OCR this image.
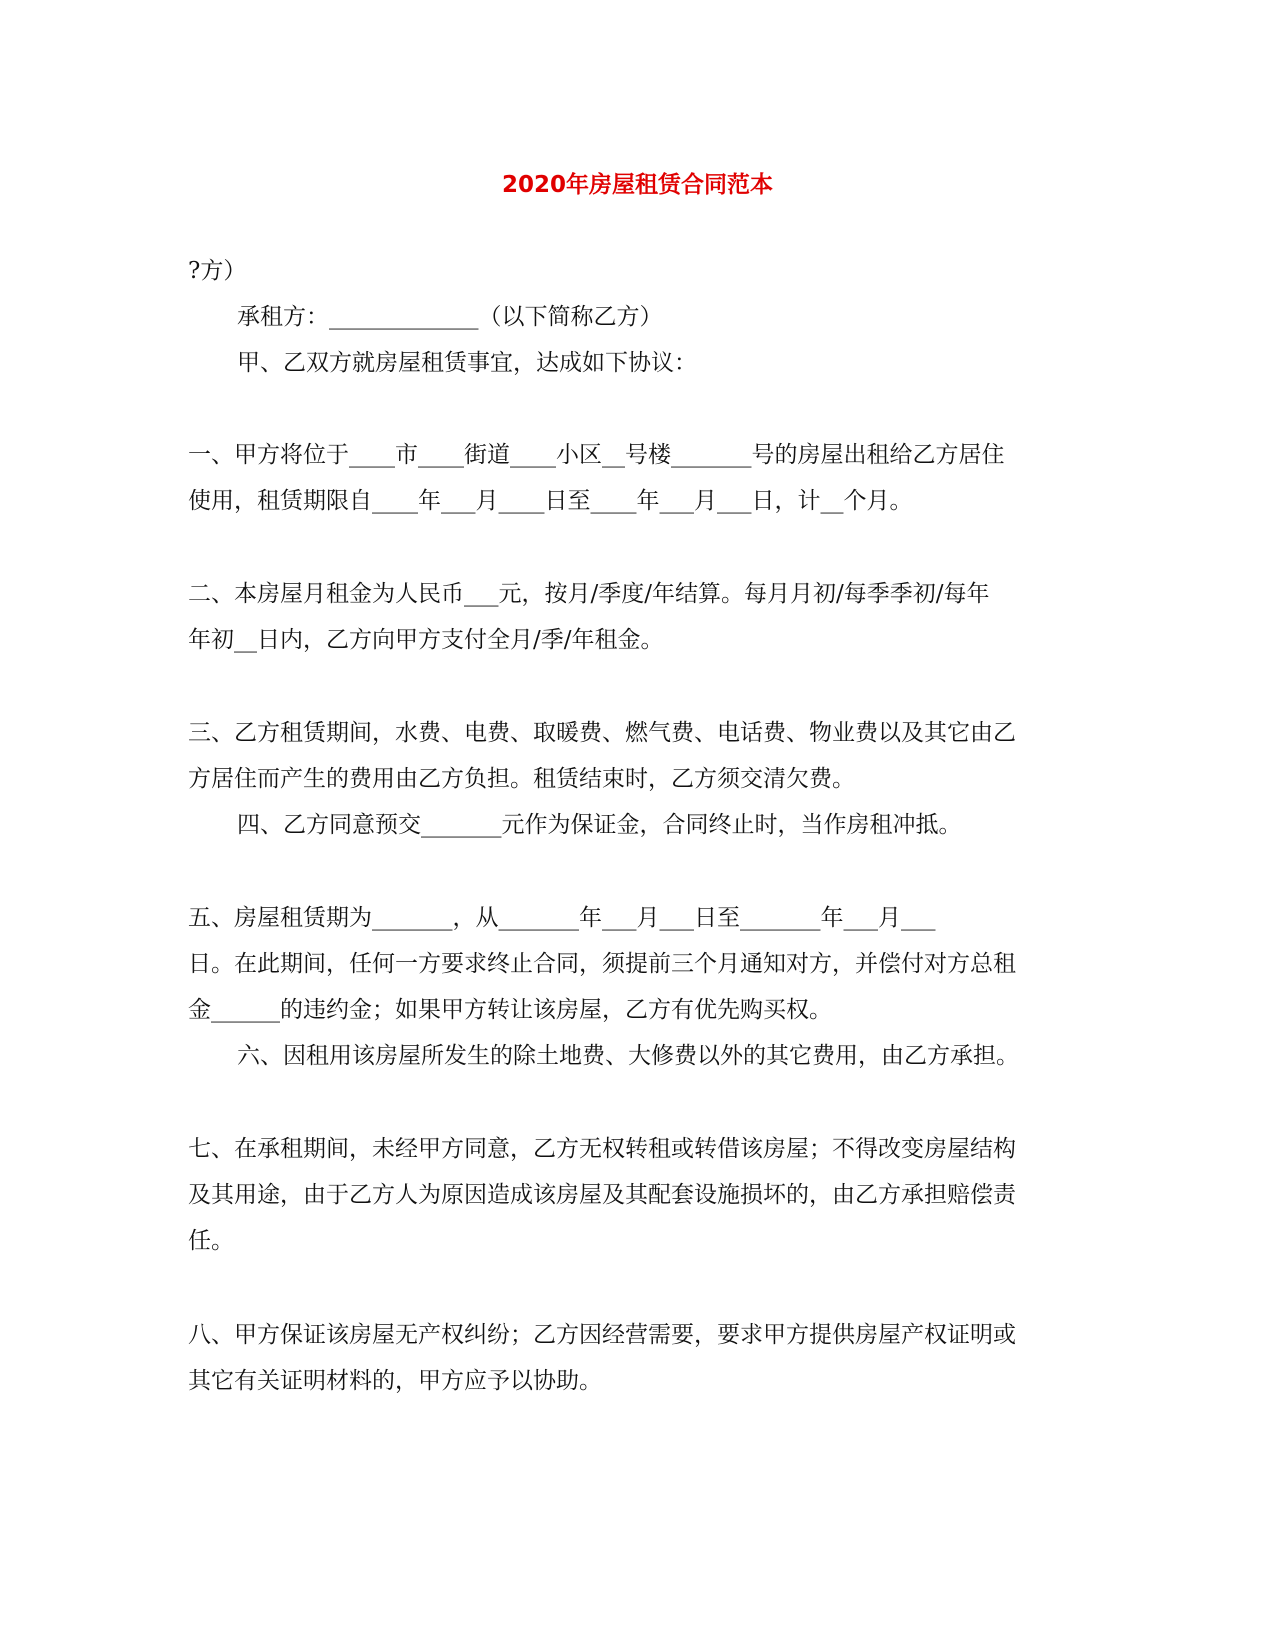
2020年房屋租赁合同范本
?方）
承租方：_____________（以下简称乙方）
甲、乙双方就房屋租赁事宜，达成如下协议：
一、甲方将位于____市____街道____小区__号楼_______号的房屋出租给乙方居住
使用，租赁期限自____年___月____日至____年___月___日，计__个月。
二、本房屋月租金为人民币___元，按月/季度/年结算。每月月初/每季季初/每年
年初__日内，乙方向甲方支付全月/季/年租金。
三、乙方租赁期间，水费、电费、取暖费、燃气费、电话费、物业费以及其它由乙
方居住而产生的费用由乙方负担。租赁结束时，乙方须交清欠费。
四、乙方同意预交_______元作为保证金，合同终止时，当作房租冲抵。
五、房屋租赁期为_______，从_______年___月___日至_______年___月___
日。在此期间，任何一方要求终止合同，须提前三个月通知对方，并偿付对方总租
金______的违约金；如果甲方转让该房屋，乙方有优先购买权。
六、因租用该房屋所发生的除土地费、大修费以外的其它费用，由乙方承担。
七、在承租期间，未经甲方同意，乙方无权转租或转借该房屋；不得改变房屋结构
及其用途，由于乙方人为原因造成该房屋及其配套设施损坏的，由乙方承担赔偿责
任。
八、甲方保证该房屋无产权纠纷；乙方因经营需要，要求甲方提供房屋产权证明或
其它有关证明材料的，甲方应予以协助。
